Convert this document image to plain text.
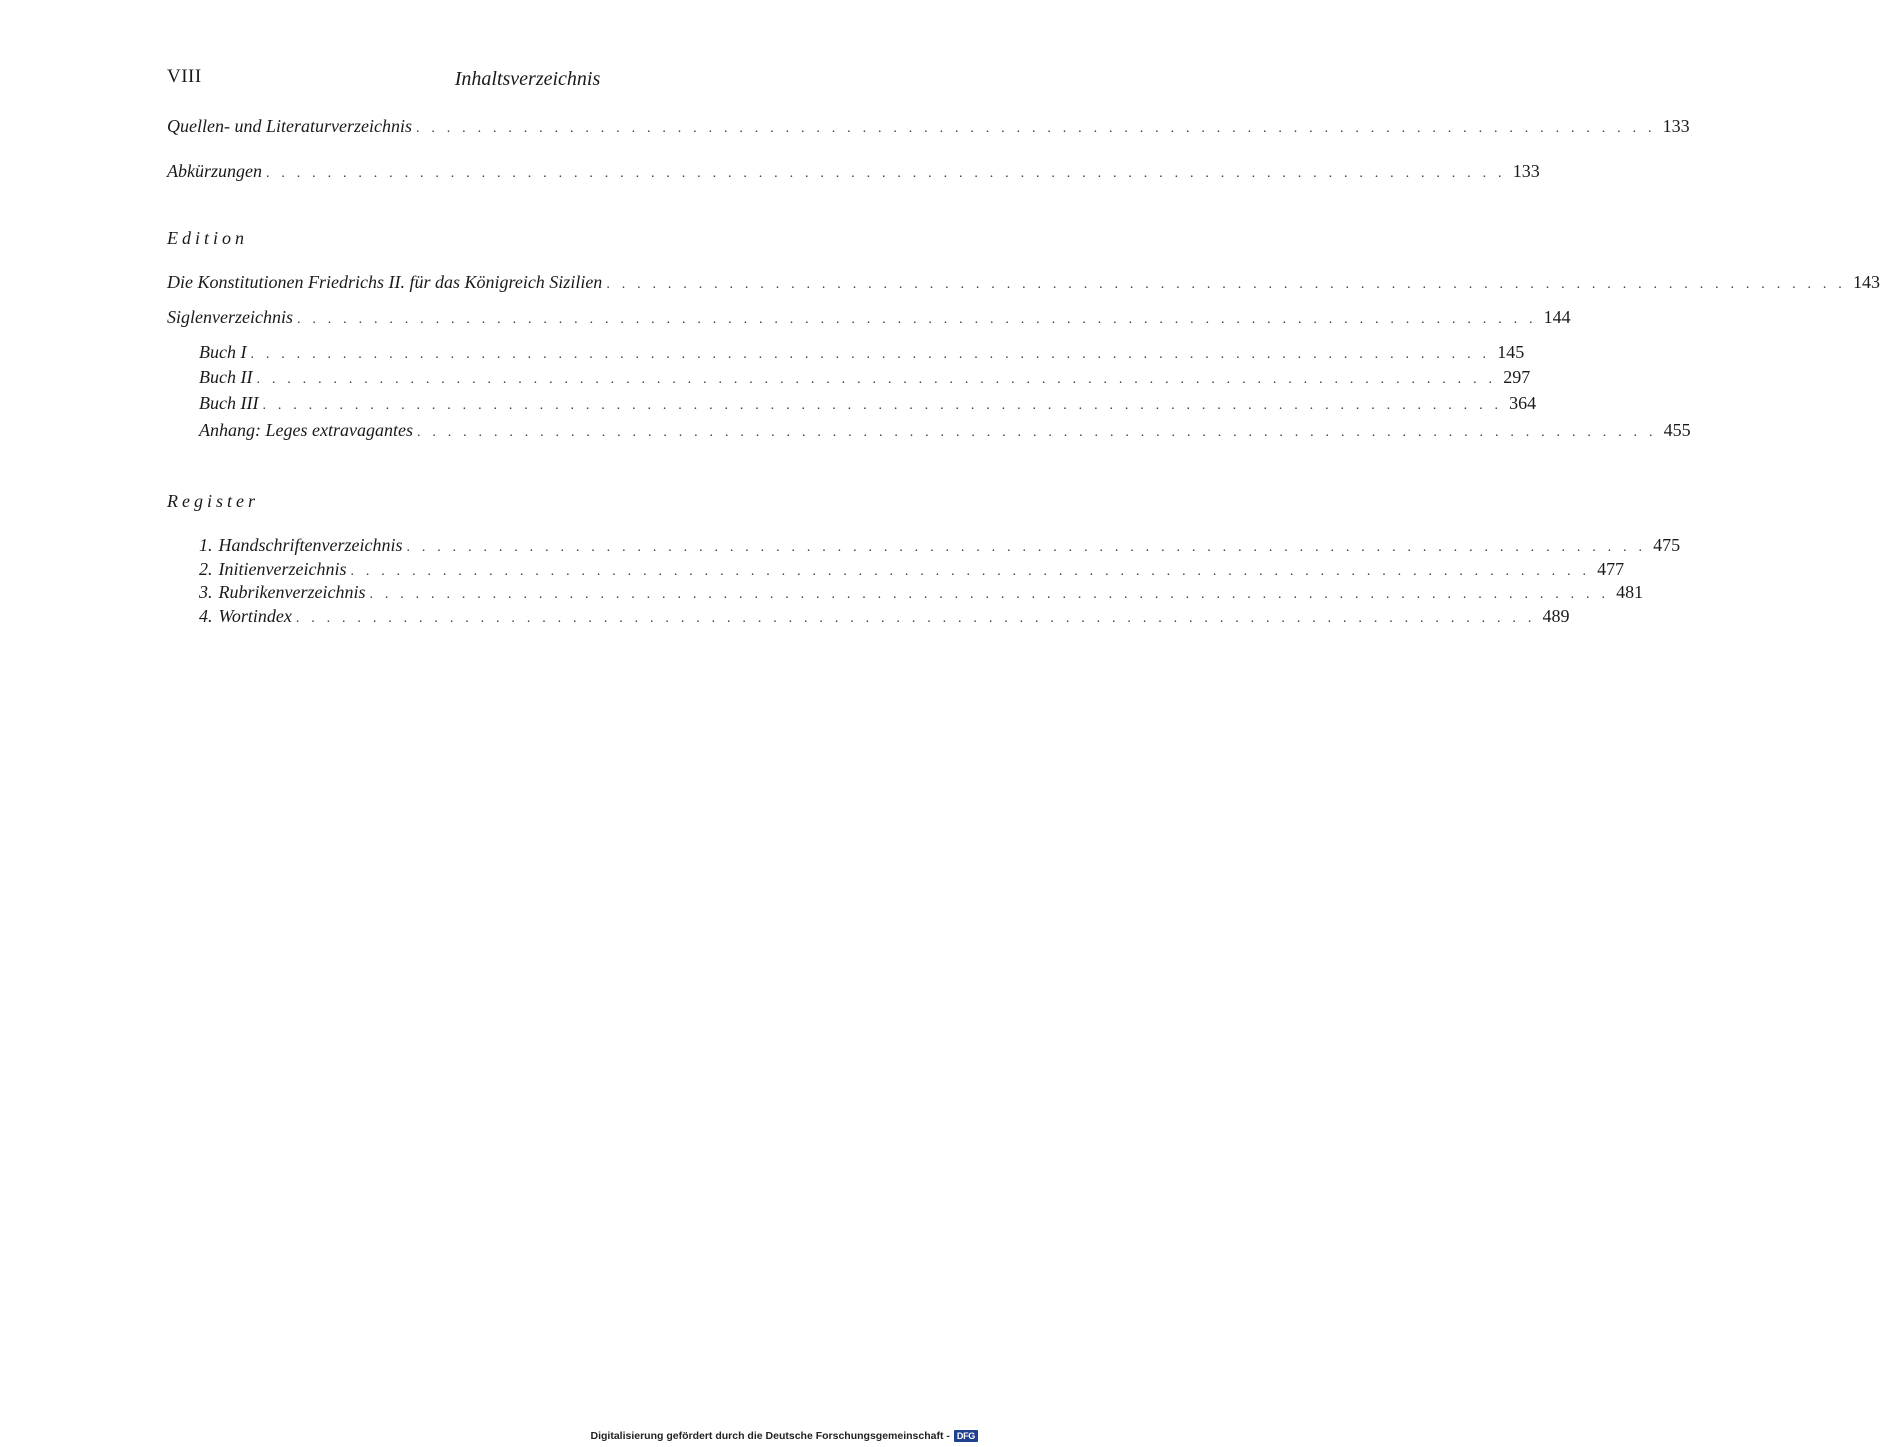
VIII	Inhaltsverzeichnis
Quellen- und Literaturverzeichnis . . . . . . . . . . . . . . . . . . . . . . . . . . . . . . . . . . . . . . . . . . . . . . . . . . . . . . . . . . . . . . . . . . . . . . . . . . . . . . . . . 133
Abkürzungen . . . . . . . . . . . . . . . . . . . . . . . . . . . . . . . . . . . . . . . . . . . . . . . . . . . . . . . . . . . . . . . . . . . . . . . . . . . . . . . . . 133
Edition
Die Konstitutionen Friedrichs II. für das Königreich Sizilien . . . . . . . . . . . . . . . . . . . . . . . . . . . . . . . . . . . . . . . . . . . . . . . . . . . . . . . . . . . . . . . . . . . . . . . . . . . . . . . . . 143
Siglenverzeichnis . . . . . . . . . . . . . . . . . . . . . . . . . . . . . . . . . . . . . . . . . . . . . . . . . . . . . . . . . . . . . . . . . . . . . . . . . . . . . . . . . 144
Buch I . . . . . . . . . . . . . . . . . . . . . . . . . . . . . . . . . . . . . . . . . . . . . . . . . . . . . . . . . . . . . . . . . . . . . . . . . . . . . . . . . 145
Buch II . . . . . . . . . . . . . . . . . . . . . . . . . . . . . . . . . . . . . . . . . . . . . . . . . . . . . . . . . . . . . . . . . . . . . . . . . . . . . . . . . 297
Buch III . . . . . . . . . . . . . . . . . . . . . . . . . . . . . . . . . . . . . . . . . . . . . . . . . . . . . . . . . . . . . . . . . . . . . . . . . . . . . . . . . 364
Anhang: Leges extravagantes . . . . . . . . . . . . . . . . . . . . . . . . . . . . . . . . . . . . . . . . . . . . . . . . . . . . . . . . . . . . . . . . . . . . . . . . . . . . . . . . . 455
Register
1. Handschriftenverzeichnis . . . . . . . . . . . . . . . . . . . . . . . . . . . . . . . . . . . . . . . . . . . . . . . . . . . . . . . . . . . . . . . . . . . . . . . . . . . . . . . . . 475
2. Initienverzeichnis . . . . . . . . . . . . . . . . . . . . . . . . . . . . . . . . . . . . . . . . . . . . . . . . . . . . . . . . . . . . . . . . . . . . . . . . . . . . . . . . . 477
3. Rubrikenverzeichnis . . . . . . . . . . . . . . . . . . . . . . . . . . . . . . . . . . . . . . . . . . . . . . . . . . . . . . . . . . . . . . . . . . . . . . . . . . . . . . . . . 481
4. Wortindex . . . . . . . . . . . . . . . . . . . . . . . . . . . . . . . . . . . . . . . . . . . . . . . . . . . . . . . . . . . . . . . . . . . . . . . . . . . . . . . . . 489
Digitalisierung gefördert durch die Deutsche Forschungsgemeinschaft - DFG
